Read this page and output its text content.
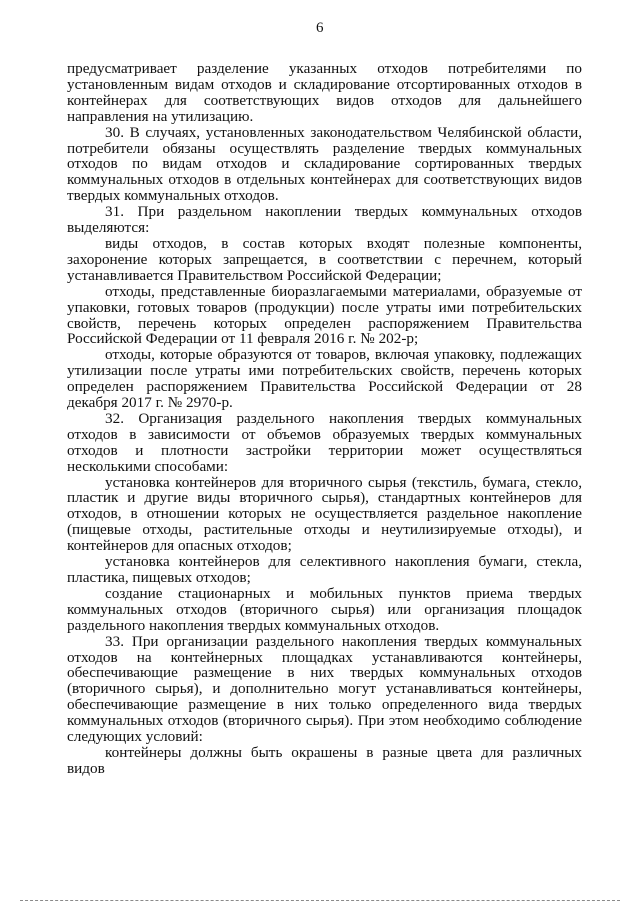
6

предусматривает разделение указанных отходов потребителями по установленным видам отходов и складирование отсортированных отходов в контейнерах для соответствующих видов отходов для дальнейшего направления на утилизацию.

30. В случаях, установленных законодательством Челябинской области, потребители обязаны осуществлять разделение твердых коммунальных отходов по видам отходов и складирование сортированных твердых коммунальных отходов в отдельных контейнерах для соответствующих видов твердых коммунальных отходов.

31. При раздельном накоплении твердых коммунальных отходов выделяются:

виды отходов, в состав которых входят полезные компоненты, захоронение которых запрещается, в соответствии с перечнем, который устанавливается Правительством Российской Федерации;

отходы, представленные биоразлагаемыми материалами, образуемые от упаковки, готовых товаров (продукции) после утраты ими потребительских свойств, перечень которых определен распоряжением Правительства Российской Федерации от 11 февраля 2016 г. № 202-р;

отходы, которые образуются от товаров, включая упаковку, подлежащих утилизации после утраты ими потребительских свойств, перечень которых определен распоряжением Правительства Российской Федерации от 28 декабря 2017 г. № 2970-р.

32. Организация раздельного накопления твердых коммунальных отходов в зависимости от объемов образуемых твердых коммунальных отходов и плотности застройки территории может осуществляться несколькими способами:

установка контейнеров для вторичного сырья (текстиль, бумага, стекло, пластик и другие виды вторичного сырья), стандартных контейнеров для отходов, в отношении которых не осуществляется раздельное накопление (пищевые отходы, растительные отходы и неутилизируемые отходы), и контейнеров для опасных отходов;

установка контейнеров для селективного накопления бумаги, стекла, пластика, пищевых отходов;

создание стационарных и мобильных пунктов приема твердых коммунальных отходов (вторичного сырья) или организация площадок раздельного накопления твердых коммунальных отходов.

33. При организации раздельного накопления твердых коммунальных отходов на контейнерных площадках устанавливаются контейнеры, обеспечивающие размещение в них твердых коммунальных отходов (вторичного сырья), и дополнительно могут устанавливаться контейнеры, обеспечивающие размещение в них только определенного вида твердых коммунальных отходов (вторичного сырья). При этом необходимо соблюдение следующих условий:

контейнеры должны быть окрашены в разные цвета для различных видов
